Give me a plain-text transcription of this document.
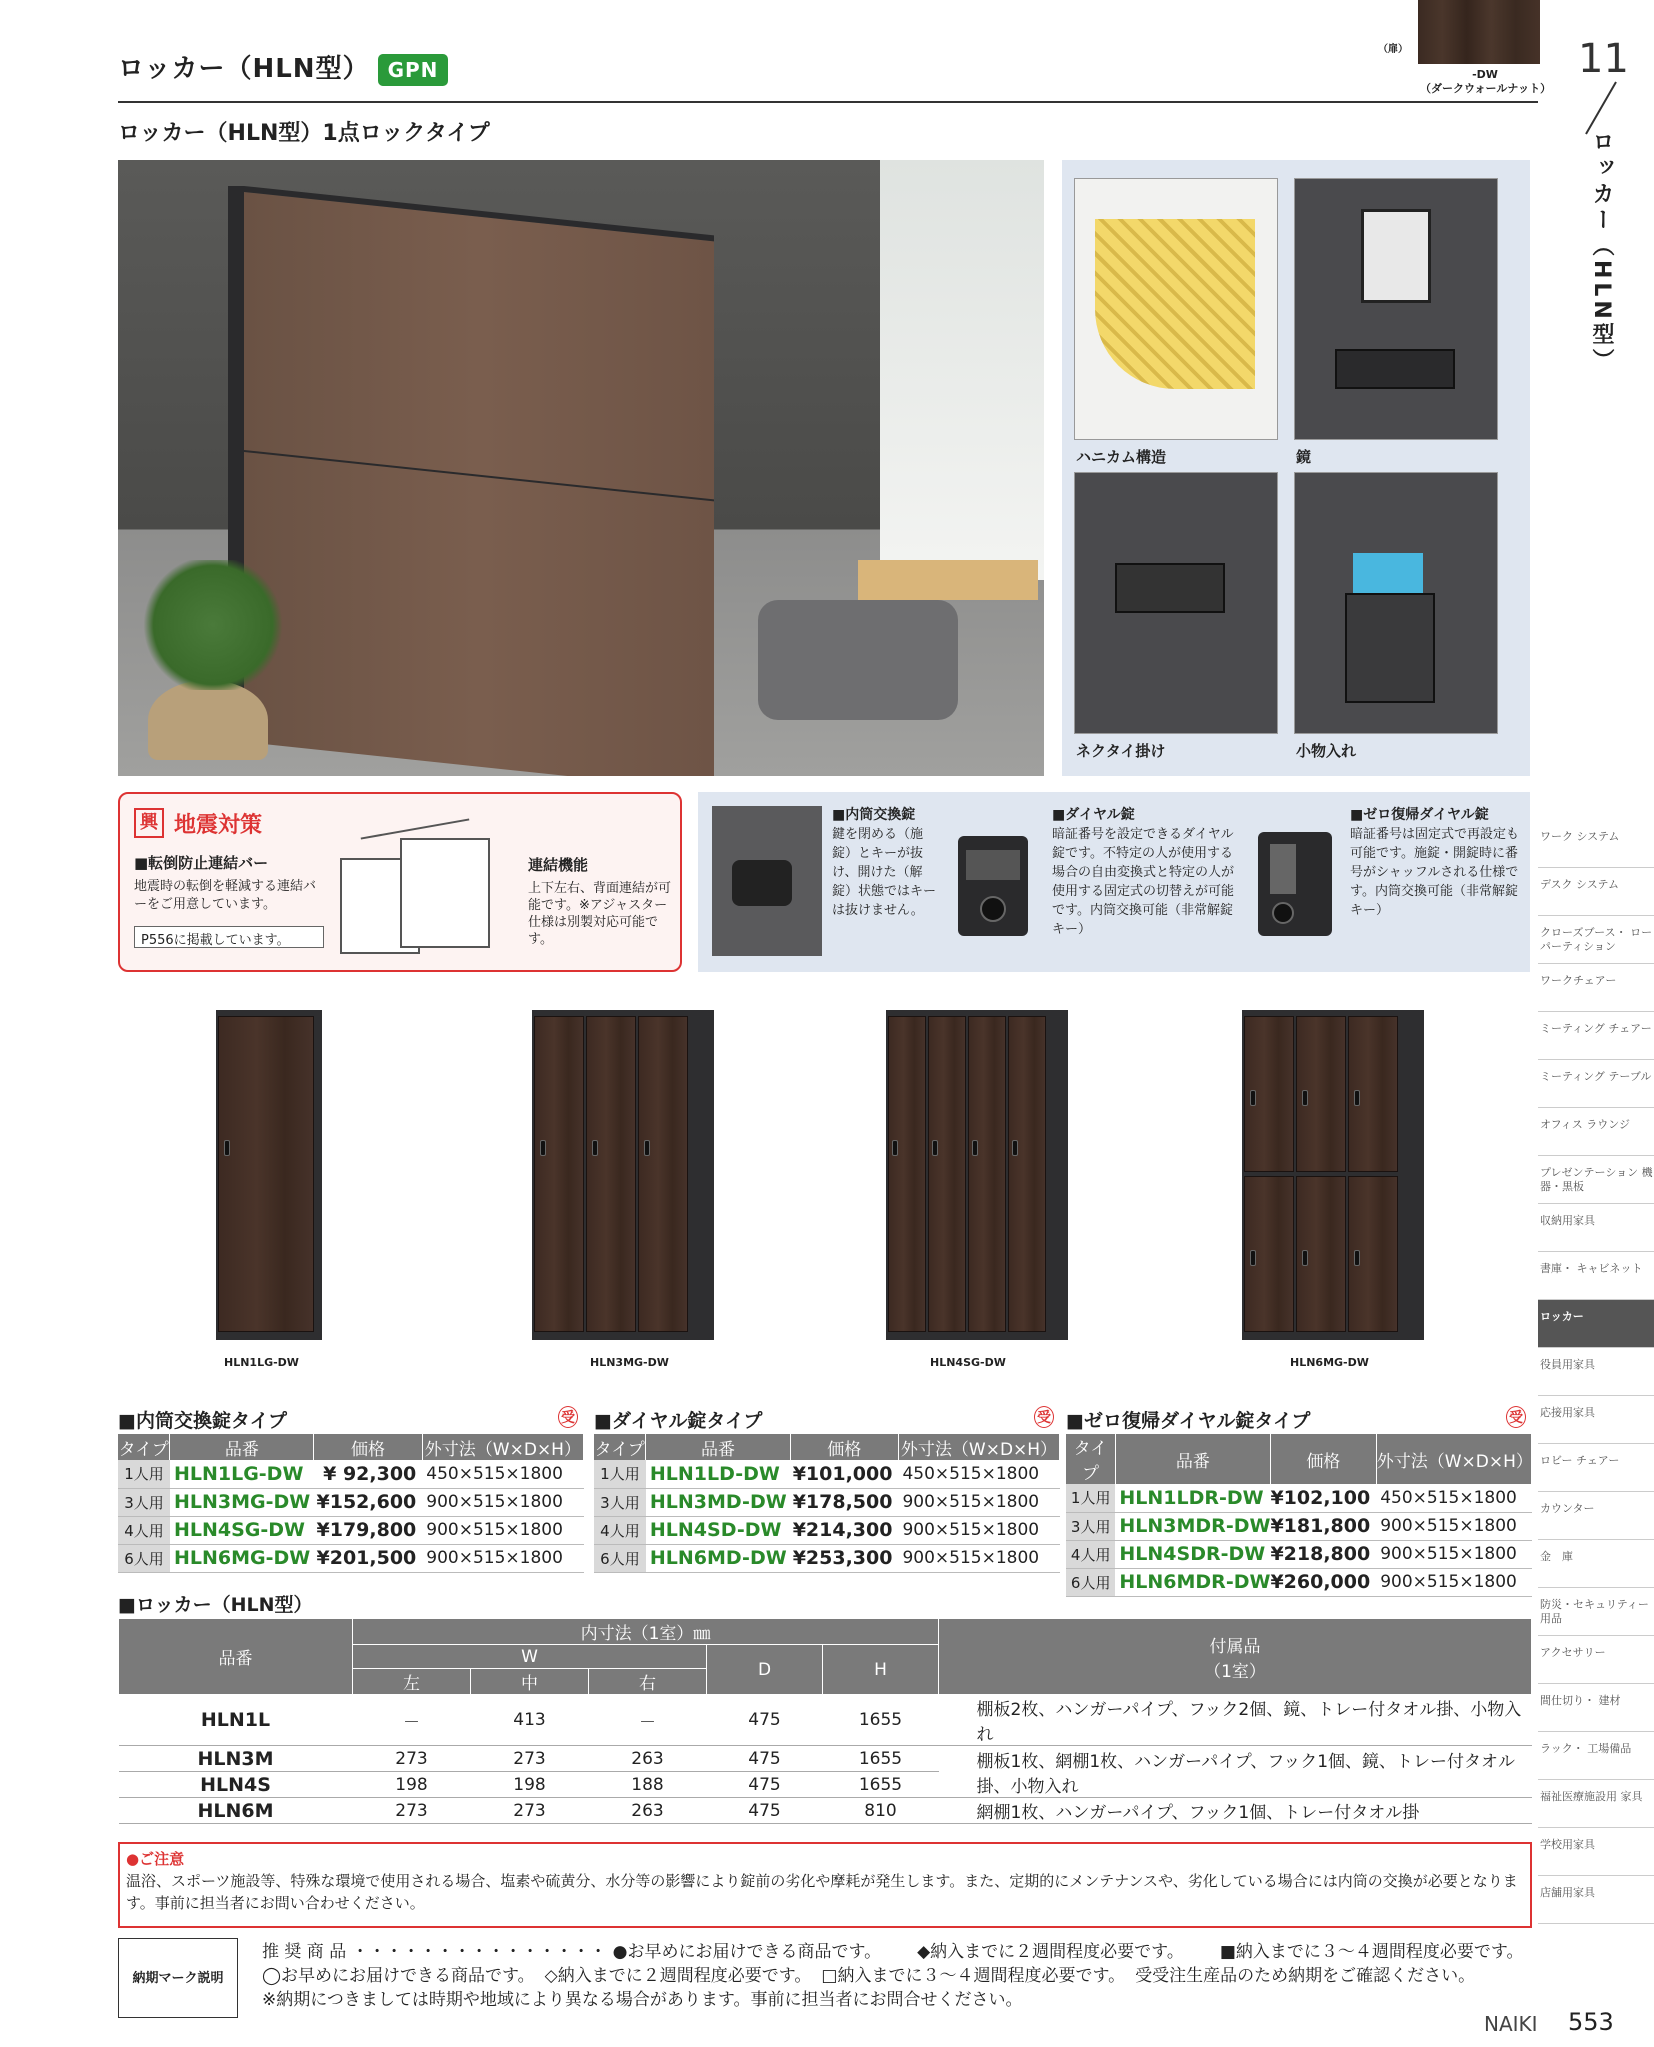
ロッカー（HLN型） GPN
（扉）
-DW
（ダークウォールナット）
11
ロッカー（HLN型）
ロッカー（HLN型）1点ロックタイプ
ハニカム構造	鏡
ネクタイ掛け	小物入れ
興 地震対策
■転倒防止連結バー
地震時の転倒を軽減する連結バーをご用意しています。
P556に掲載しています。
連結機能
上下左右、背面連結が可能です。※アジャスター仕様は別製対応可能です。
■内筒交換錠
鍵を閉める（施錠）とキーが抜け、開けた（解錠）状態ではキーは抜けません。
■ダイヤル錠
暗証番号を設定できるダイヤル錠です。不特定の人が使用する場合の自由変換式と特定の人が使用する固定式の切替えが可能です。内筒交換可能（非常解錠キー）
■ゼロ復帰ダイヤル錠
暗証番号は固定式で再設定も可能です。施錠・開錠時に番号がシャッフルされる仕様です。内筒交換可能（非常解錠キー）
HLN1LG-DW	HLN3MG-DW	HLN4SG-DW	HLN6MG-DW
■内筒交換錠タイプ	受
タイプ	品番	価格	外寸法（W×D×H）
1人用	HLN1LG-DW	¥ 92,300	450×515×1800
3人用	HLN3MG-DW	¥152,600	900×515×1800
4人用	HLN4SG-DW	¥179,800	900×515×1800
6人用	HLN6MG-DW	¥201,500	900×515×1800
■ダイヤル錠タイプ	受
タイプ	品番	価格	外寸法（W×D×H）
1人用	HLN1LD-DW	¥101,000	450×515×1800
3人用	HLN3MD-DW	¥178,500	900×515×1800
4人用	HLN4SD-DW	¥214,300	900×515×1800
6人用	HLN6MD-DW	¥253,300	900×515×1800
■ゼロ復帰ダイヤル錠タイプ	受
タイプ	品番	価格	外寸法（W×D×H）
1人用	HLN1LDR-DW	¥102,100	450×515×1800
3人用	HLN3MDR-DW	¥181,800	900×515×1800
4人用	HLN4SDR-DW	¥218,800	900×515×1800
6人用	HLN6MDR-DW	¥260,000	900×515×1800
■ロッカー（HLN型）
品番	内寸法（1室）㎜					付属品
（1室）

	W			D	H	
	左	中	右			
HLN1L	－	413	－	475	1655	棚板2枚、ハンガーパイプ、フック2個、鏡、トレー付タオル掛、小物入れ
HLN3M	273	273	263	475	1655	棚板1枚、網棚1枚、ハンガーパイプ、フック1個、鏡、トレー付タオル掛、小物入れ
HLN4S	198	198	188	475	1655	
HLN6M	273	273	263	475	810	網棚1枚、ハンガーパイプ、フック1個、トレー付タオル掛
●ご注意
温浴、スポーツ施設等、特殊な環境で使用される場合、塩素や硫黄分、水分等の影響により錠前の劣化や摩耗が発生します。また、定期的にメンテナンスや、劣化している場合には内筒の交換が必要となります。事前に担当者にお問い合わせください。
納期マーク説明
推 奨 商 品 ・・・・・・・・・・・・・・・ ●お早めにお届けできる商品です。 ◆納入までに２週間程度必要です。 ■納入までに３～４週間程度必要です。
◯お早めにお届けできる商品です。 ◇納入までに２週間程度必要です。 □納入までに３～４週間程度必要です。 受受注生産品のため納期をご確認ください。
※納期につきましては時期や地域により異なる場合があります。事前に担当者にお問合せください。
ワーク システム
デスク システム
クローズブース・ ローパーティション
ワークチェアー
ミーティング チェアー
ミーティング テーブル
オフィス ラウンジ
プレゼンテーション 機器・黒板
収納用家具
書庫・ キャビネット
ロッカー
役員用家具
応接用家具
ロビー チェアー
カウンター
金　庫
防災・セキュリティー 用品
アクセサリー
間仕切り・ 建材
ラック・ 工場備品
福祉医療施設用 家具
学校用家具
店舗用家具
NAIKI 553
